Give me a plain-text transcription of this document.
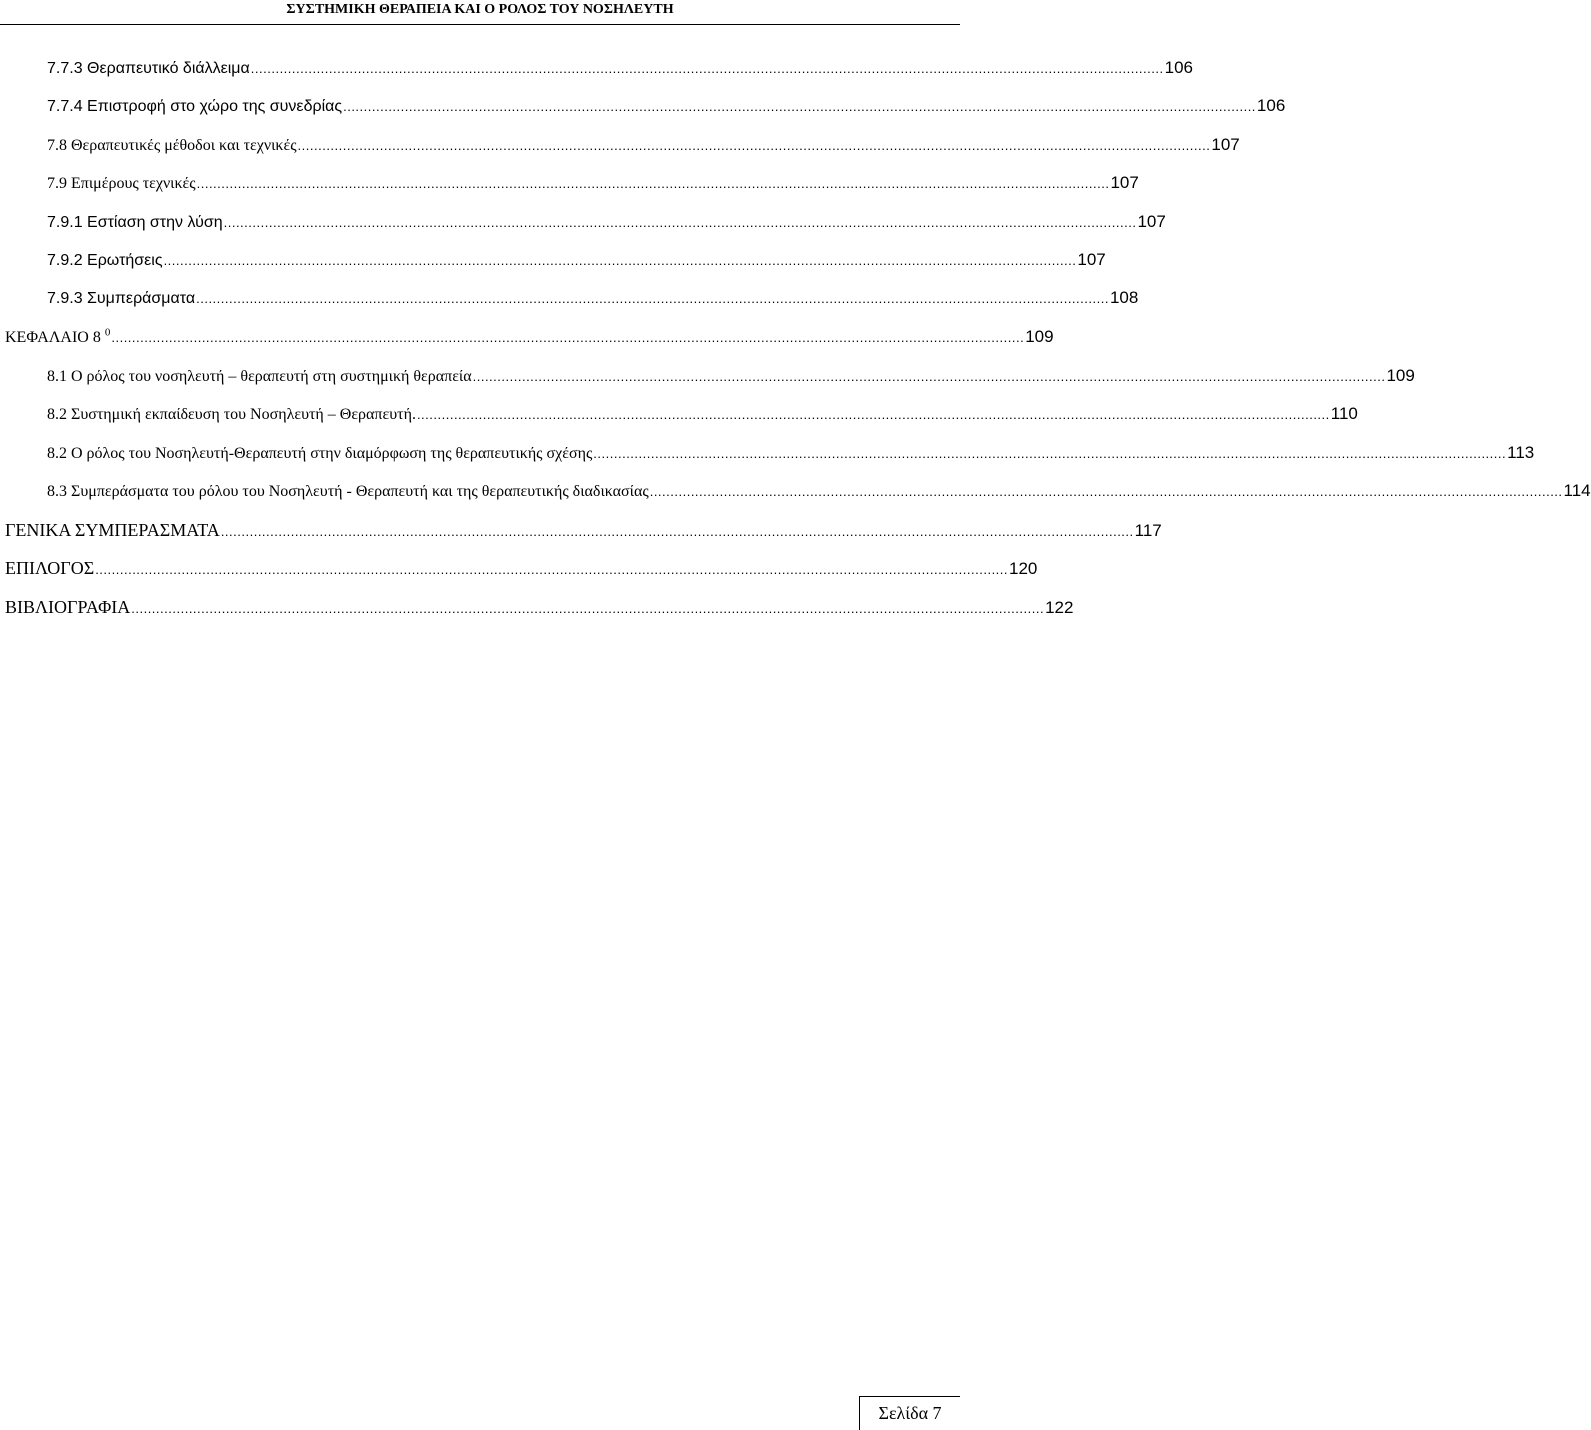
ΣΥΣΤΗΜΙΚΗ ΘΕΡΑΠΕΙΑ ΚΑΙ Ο ΡΟΛΟΣ ΤΟΥ ΝΟΣΗΛΕΥΤΗ
7.7.3 Θεραπευτικό διάλλειμα .............................................................................................................................................................................................................................. 106
7.7.4 Επιστροφή στο χώρο της συνεδρίας .............................................................................................................................................................................................................................. 106
7.8 Θεραπευτικές μέθοδοι και τεχνικές .............................................................................................................................................................................................................................. 107
7.9 Επιμέρους τεχνικές .............................................................................................................................................................................................................................. 107
7.9.1 Εστίαση στην λύση .............................................................................................................................................................................................................................. 107
7.9.2 Ερωτήσεις .............................................................................................................................................................................................................................. 107
7.9.3 Συμπεράσματα .............................................................................................................................................................................................................................. 108
ΚΕΦΑΛΑΙΟ 8 $^0$ .............................................................................................................................................................................................................................. 109
8.1 Ο ρόλος του νοσηλευτή – θεραπευτή στη συστημική θεραπεία .............................................................................................................................................................................................................................. 109
8.2 Συστημική εκπαίδευση του Νοσηλευτή – Θεραπευτή. .............................................................................................................................................................................................................................. 110
8.2 Ο ρόλος του Νοσηλευτή-Θεραπευτή στην διαμόρφωση της θεραπευτικής σχέσης .............................................................................................................................................................................................................................. 113
8.3 Συμπεράσματα του ρόλου του Νοσηλευτή - Θεραπευτή και της θεραπευτικής διαδικασίας .............................................................................................................................................................................................................................. 114
ΓΕΝΙΚΑ ΣΥΜΠΕΡΑΣΜΑΤΑ .............................................................................................................................................................................................................................. 117
ΕΠΙΛΟΓΟΣ .............................................................................................................................................................................................................................. 120
ΒΙΒΛΙΟΓΡΑΦΙΑ .............................................................................................................................................................................................................................. 122
Σελίδα 7
